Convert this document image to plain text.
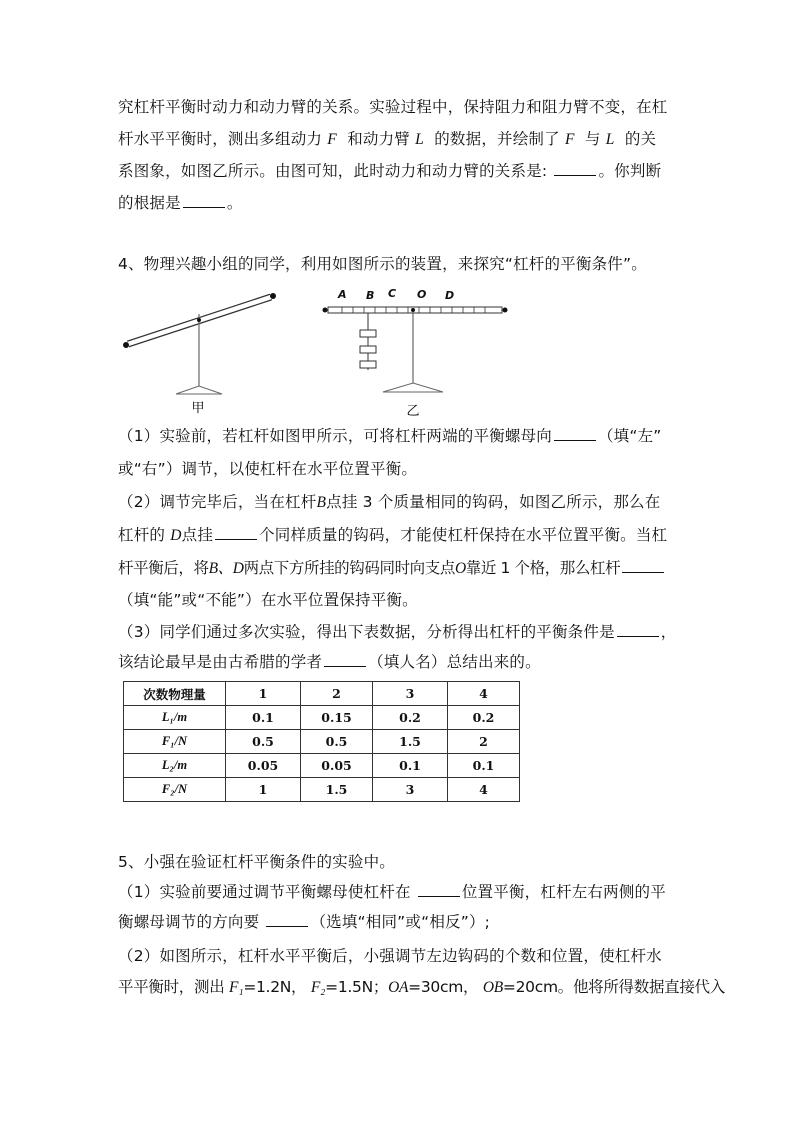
究杠杆平衡时动力和动力臂的关系。实验过程中，保持阻力和阻力臂不变，在杠
杆水平平衡时，测出多组动力 F 和动力臂 L 的数据，并绘制了 F 与 L 的关
系图象，如图乙所示。由图可知，此时动力和动力臂的关系是:	。你判断
的根据是	。
4、物理兴趣小组的同学，利用如图所示的装置，来探究“杠杆的平衡条件”。
甲
A B C O D
乙
（1）实验前，若杠杆如图甲所示，可将杠杆两端的平衡螺母向	（填“左”
或“右”）调节，以使杠杆在水平位置平衡。
（2）调节完毕后，当在杠杆B点挂 3 个质量相同的钩码，如图乙所示，那么在
杠杆的 D点挂	个同样质量的钩码，才能使杠杆保持在水平位置平衡。当杠
杆平衡后，将B、D两点下方所挂的钩码同时向支点O靠近 1 个格，那么杠杆
（填“能”或“不能”）在水平位置保持平衡。
（3）同学们通过多次实验，得出下表数据，分析得出杠杆的平衡条件是	，
该结论最早是由古希腊的学者	（填人名）总结出来的。
次数物理量	1	2	3	4
L₁/m	0.1	0.15	0.2	0.2
F₁/N	0.5	0.5	1.5	2
L₂/m	0.05	0.05	0.1	0.1
F₂/N	1	1.5	3	4
5、小强在验证杠杆平衡条件的实验中。
（1）实验前要通过调节平衡螺母使杠杆在	位置平衡，杠杆左右两侧的平
衡螺母调节的方向要	（选填“相同”或“相反”）;
（2）如图所示，杠杆水平平衡后，小强调节左边钩码的个数和位置，使杠杆水
平平衡时，测出 F₁=1.2N， F₂=1.5N；OA=30cm， OB=20cm。他将所得数据直接代入
